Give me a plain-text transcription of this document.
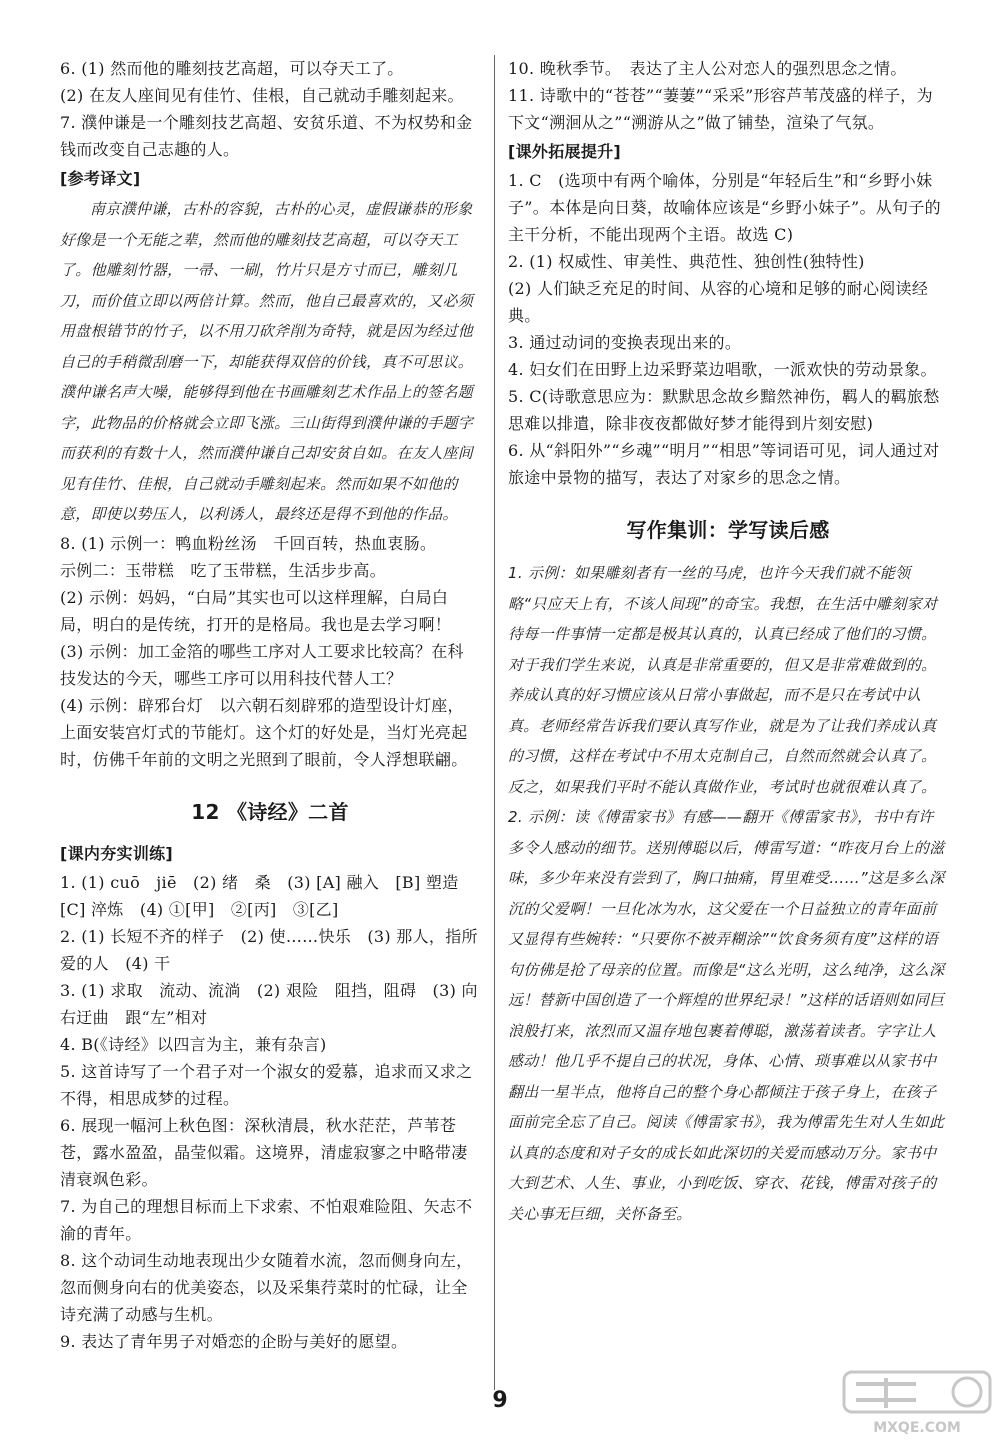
6. (1) 然而他的雕刻技艺高超，可以夺天工了。

(2) 在友人座间见有佳竹、佳根，自己就动手雕刻起来。

7. 濮仲谦是一个雕刻技艺高超、安贫乐道、不为权势和金钱而改变自己志趣的人。

[参考译文]

南京濮仲谦，古朴的容貌，古朴的心灵，虚假谦恭的形象好像是一个无能之辈，然而他的雕刻技艺高超，可以夺天工了。他雕刻竹器，一帚、一刷，竹片只是方寸而已，雕刻几刀，而价值立即以两倍计算。然而，他自己最喜欢的，又必须用盘根错节的竹子，以不用刀砍斧削为奇特，就是因为经过他自己的手稍微刮磨一下，却能获得双倍的价钱，真不可思议。濮仲谦名声大噪，能够得到他在书画雕刻艺术作品上的签名题字，此物品的价格就会立即飞涨。三山街得到濮仲谦的手题字而获利的有数十人，然而濮仲谦自己却安贫自如。在友人座间见有佳竹、佳根，自己就动手雕刻起来。然而如果不如他的意，即使以势压人，以利诱人，最终还是得不到他的作品。

8. (1) 示例一：鸭血粉丝汤　千回百转，热血衷肠。

示例二：玉带糕　吃了玉带糕，生活步步高。

(2) 示例：妈妈，“白局”其实也可以这样理解，白局白局，明白的是传统，打开的是格局。我也是去学习啊！

(3) 示例：加工金箔的哪些工序对人工要求比较高？在科技发达的今天，哪些工序可以用科技代替人工？

(4) 示例：辟邪台灯　以六朝石刻辟邪的造型设计灯座，上面安装宫灯式的节能灯。这个灯的好处是，当灯光亮起时，仿佛千年前的文明之光照到了眼前，令人浮想联翩。

12 《诗经》二首

[课内夯实训练]

1. (1) cuō　jiē　(2) 绪　桑　(3) [A] 融入　[B] 塑造　[C] 淬炼　(4) ①[甲]　②[丙]　③[乙]

2. (1) 长短不齐的样子　(2) 使……快乐　(3) 那人，指所爱的人　(4) 干

3. (1) 求取　流动、流淌　(2) 艰险　阻挡，阻碍　(3) 向右迂曲　跟“左”相对

4. B(《诗经》以四言为主，兼有杂言)

5. 这首诗写了一个君子对一个淑女的爱慕，追求而又求之不得，相思成梦的过程。

6. 展现一幅河上秋色图：深秋清晨，秋水茫茫，芦苇苍苍，露水盈盈，晶莹似霜。这境界，清虚寂寥之中略带凄清衰飒色彩。

7. 为自己的理想目标而上下求索、不怕艰难险阻、矢志不渝的青年。

8. 这个动词生动地表现出少女随着水流，忽而侧身向左，忽而侧身向右的优美姿态，以及采集荇菜时的忙碌，让全诗充满了动感与生机。

9. 表达了青年男子对婚恋的企盼与美好的愿望。

10. 晚秋季节。　表达了主人公对恋人的强烈思念之情。

11. 诗歌中的“苍苍”“萋萋”“采采”形容芦苇茂盛的样子，为下文“溯洄从之”“溯游从之”做了铺垫，渲染了气氛。

[课外拓展提升]

1. C　(选项中有两个喻体，分别是“年轻后生”和“乡野小妹子”。本体是向日葵，故喻体应该是“乡野小妹子”。从句子的主干分析，不能出现两个主语。故选 C)

2. (1) 权威性、审美性、典范性、独创性(独特性)

(2) 人们缺乏充足的时间、从容的心境和足够的耐心阅读经典。

3. 通过动词的变换表现出来的。

4. 妇女们在田野上边采野菜边唱歌，一派欢快的劳动景象。

5. C(诗歌意思应为：默默思念故乡黯然神伤，羁人的羁旅愁思难以排遣，除非夜夜都做好梦才能得到片刻安慰)

6. 从“斜阳外”“乡魂”“明月”“相思”等词语可见，词人通过对旅途中景物的描写，表达了对家乡的思念之情。

写作集训：学写读后感

1. 示例：如果雕刻者有一丝的马虎，也许今天我们就不能领略“只应天上有，不该人间现”的奇宝。我想，在生活中雕刻家对待每一件事情一定都是极其认真的，认真已经成了他们的习惯。对于我们学生来说，认真是非常重要的，但又是非常难做到的。养成认真的好习惯应该从日常小事做起，而不是只在考试中认真。老师经常告诉我们要认真写作业，就是为了让我们养成认真的习惯，这样在考试中不用太克制自己，自然而然就会认真了。反之，如果我们平时不能认真做作业，考试时也就很难认真了。

2. 示例：读《傅雷家书》有感——翻开《傅雷家书》，书中有许多令人感动的细节。送别傅聪以后，傅雷写道：“昨夜月台上的滋味，多少年来没有尝到了，胸口抽痛，胃里难受……”这是多么深沉的父爱啊！一旦化冰为水，这父爱在一个日益独立的青年面前又显得有些婉转：“只要你不被弄糊涂”“饮食务须有度”这样的语句仿佛是抢了母亲的位置。而像是“这么光明，这么纯净，这么深远！替新中国创造了一个辉煌的世界纪录！”这样的话语则如同巨浪般打来，浓烈而又温存地包裹着傅聪，激荡着读者。字字让人感动！他几乎不提自己的状况，身体、心情、琐事难以从家书中翻出一星半点，他将自己的整个身心都倾注于孩子身上，在孩子面前完全忘了自己。阅读《傅雷家书》，我为傅雷先生对人生如此认真的态度和对子女的成长如此深切的关爱而感动万分。家书中大到艺术、人生、事业，小到吃饭、穿衣、花钱，傅雷对孩子的关心事无巨细，关怀备至。

9
MXQE.COM
